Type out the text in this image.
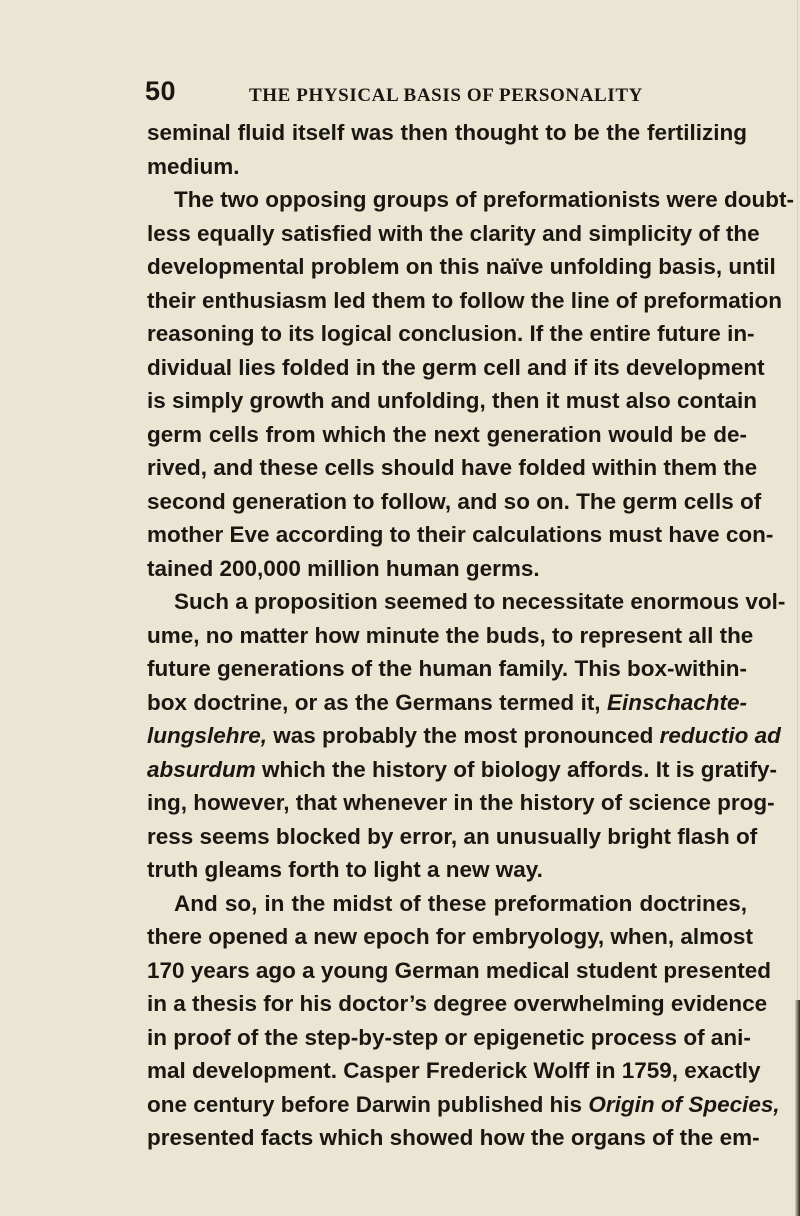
50	THE PHYSICAL BASIS OF PERSONALITY
seminal fluid itself was then thought to be the fertilizing
medium.
The two opposing groups of preformationists were doubt-
less equally satisfied with the clarity and simplicity of the
developmental problem on this naïve unfolding basis, until
their enthusiasm led them to follow the line of preformation
reasoning to its logical conclusion. If the entire future in-
dividual lies folded in the germ cell and if its development
is simply growth and unfolding, then it must also contain
germ cells from which the next generation would be de-
rived, and these cells should have folded within them the
second generation to follow, and so on. The germ cells of
mother Eve according to their calculations must have con-
tained 200,000 million human germs.
Such a proposition seemed to necessitate enormous vol-
ume, no matter how minute the buds, to represent all the
future generations of the human family. This box-within-
box doctrine, or as the Germans termed it, Einschachte-
lungslehre, was probably the most pronounced reductio ad
absurdum which the history of biology affords. It is gratify-
ing, however, that whenever in the history of science prog-
ress seems blocked by error, an unusually bright flash of
truth gleams forth to light a new way.
And so, in the midst of these preformation doctrines,
there opened a new epoch for embryology, when, almost
170 years ago a young German medical student presented
in a thesis for his doctor’s degree overwhelming evidence
in proof of the step-by-step or epigenetic process of ani-
mal development. Casper Frederick Wolff in 1759, exactly
one century before Darwin published his Origin of Species,
presented facts which showed how the organs of the em-
